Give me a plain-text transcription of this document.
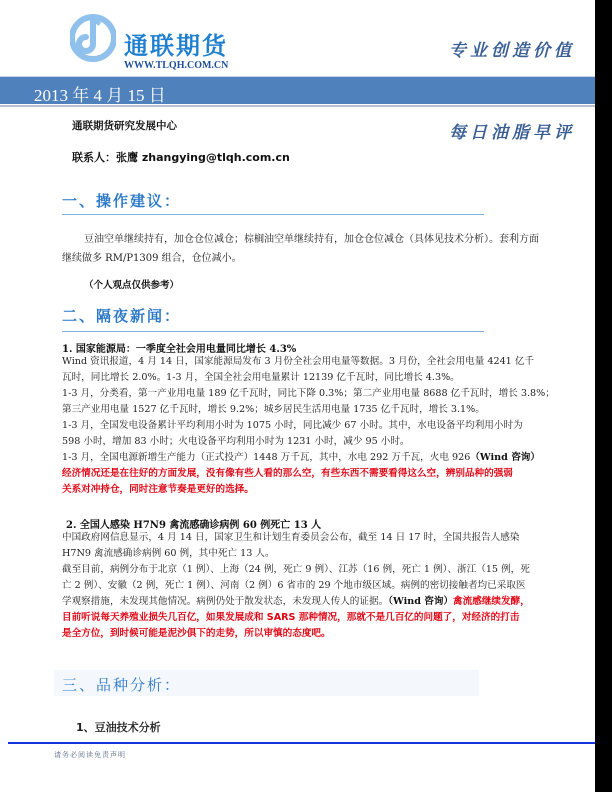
通联期货
WWW.TLQH.COM.CN
专业创造价值
2013 年 4 月 15 日
通联期货研究发展中心	每日油脂早评
联系人：张鹰 zhangying@tlqh.com.cn
一、操作建议：
豆油空单继续持有，加仓仓位减仓；棕榈油空单继续持有，加仓仓位减仓（具体见技术分析）。套利方面
继续做多 RM/P1309 组合，仓位减小。
（个人观点仅供参考）
二、隔夜新闻：
1. 国家能源局：一季度全社会用电量同比增长 4.3%
Wind 资讯报道，4 月 14 日，国家能源局发布 3 月份全社会用电量等数据。3 月份，全社会用电量 4241 亿千
瓦时，同比增长 2.0%。1-3 月，全国全社会用电量累计 12139 亿千瓦时，同比增长 4.3%。
1-3 月，分类看，第一产业用电量 189 亿千瓦时，同比下降 0.3%；第二产业用电量 8688 亿千瓦时，增长 3.8%；
第三产业用电量 1527 亿千瓦时，增长 9.2%；城乡居民生活用电量 1735 亿千瓦时，增长 3.1%。
1-3 月，全国发电设备累计平均利用小时为 1075 小时，同比减少 67 小时。其中，水电设备平均利用小时为
598 小时，增加 83 小时；火电设备平均利用小时为 1231 小时，减少 95 小时。
1-3 月，全国电源新增生产能力（正式投产）1448 万千瓦，其中，水电 292 万千瓦，火电 926（Wind 咨询）
经济情况还是在往好的方面发展，没有像有些人看的那么空，有些东西不需要看得这么空，辨别品种的强弱
关系对冲持仓，同时注意节奏是更好的选择。
2. 全国人感染 H7N9 禽流感确诊病例 60 例死亡 13 人
中国政府网信息显示，4 月 14 日，国家卫生和计划生育委员会公布，截至 14 日 17 时，全国共报告人感染
H7N9 禽流感确诊病例 60 例，其中死亡 13 人。
截至目前，病例分布于北京（1 例）、上海（24 例，死亡 9 例）、江苏（16 例，死亡 1 例）、浙江（15 例，死
亡 2 例）、安徽（2 例，死亡 1 例）、河南（2 例）6 省市的 29 个地市级区域。病例的密切接触者均已采取医
学观察措施，未发现其他情况。病例仍处于散发状态，未发现人传人的证据。（Wind 咨询）禽流感继续发酵，
目前听说每天养殖业损失几百亿，如果发展成和 SARS 那种情况，那就不是几百亿的问题了，对经济的打击
是全方位，到时候可能是泥沙俱下的走势，所以审慎的态度吧。
三、品种分析：
1、豆油技术分析
请务必阅读免责声明
